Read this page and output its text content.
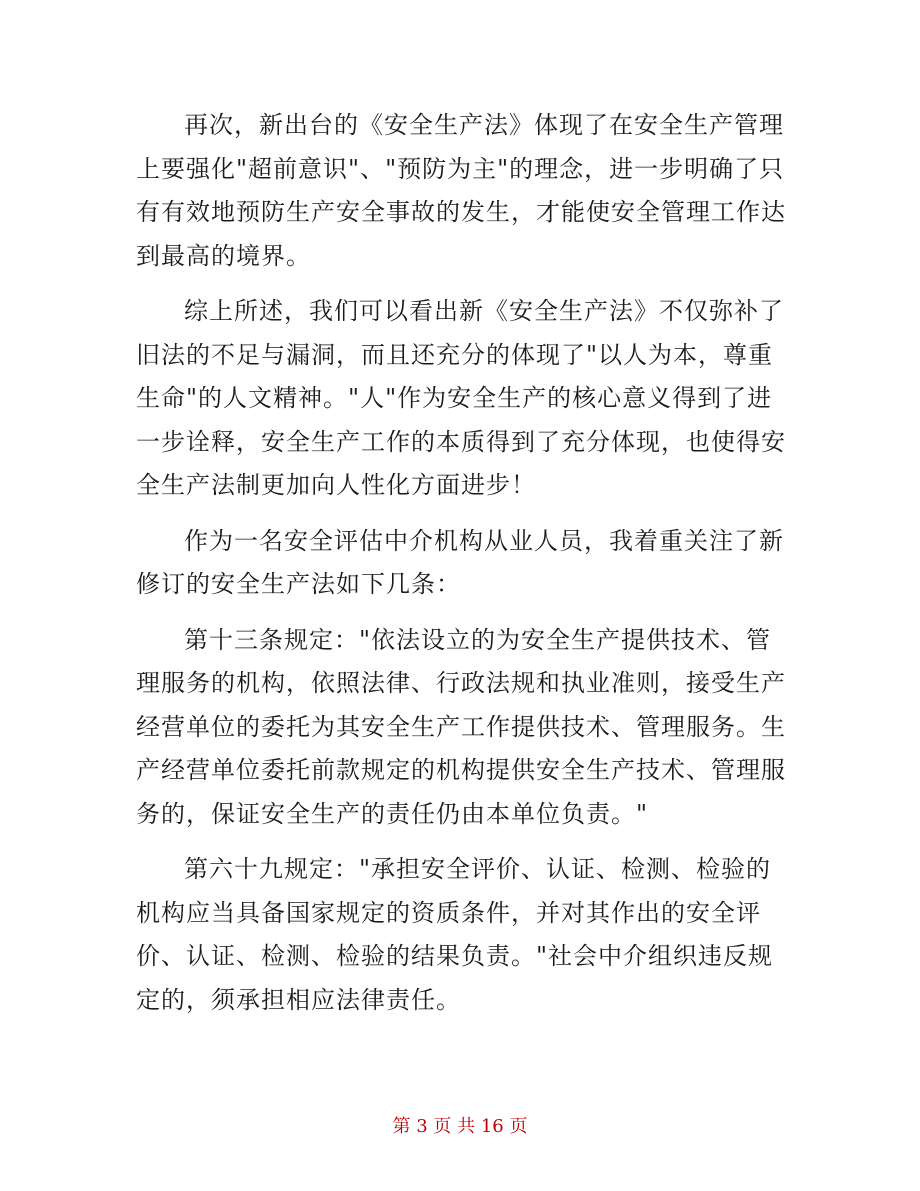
再次，新出台的《安全生产法》体现了在安全生产管理上要强化"超前意识"、"预防为主"的理念，进一步明确了只有有效地预防生产安全事故的发生，才能使安全管理工作达到最高的境界。

综上所述，我们可以看出新《安全生产法》不仅弥补了旧法的不足与漏洞，而且还充分的体现了"以人为本，尊重生命"的人文精神。"人"作为安全生产的核心意义得到了进一步诠释，安全生产工作的本质得到了充分体现，也使得安全生产法制更加向人性化方面进步！

作为一名安全评估中介机构从业人员，我着重关注了新修订的安全生产法如下几条：

第十三条规定："依法设立的为安全生产提供技术、管理服务的机构，依照法律、行政法规和执业准则，接受生产经营单位的委托为其安全生产工作提供技术、管理服务。生产经营单位委托前款规定的机构提供安全生产技术、管理服务的，保证安全生产的责任仍由本单位负责。"

第六十九规定："承担安全评价、认证、检测、检验的机构应当具备国家规定的资质条件，并对其作出的安全评价、认证、检测、检验的结果负责。"社会中介组织违反规定的，须承担相应法律责任。

第 3 页 共 16 页
